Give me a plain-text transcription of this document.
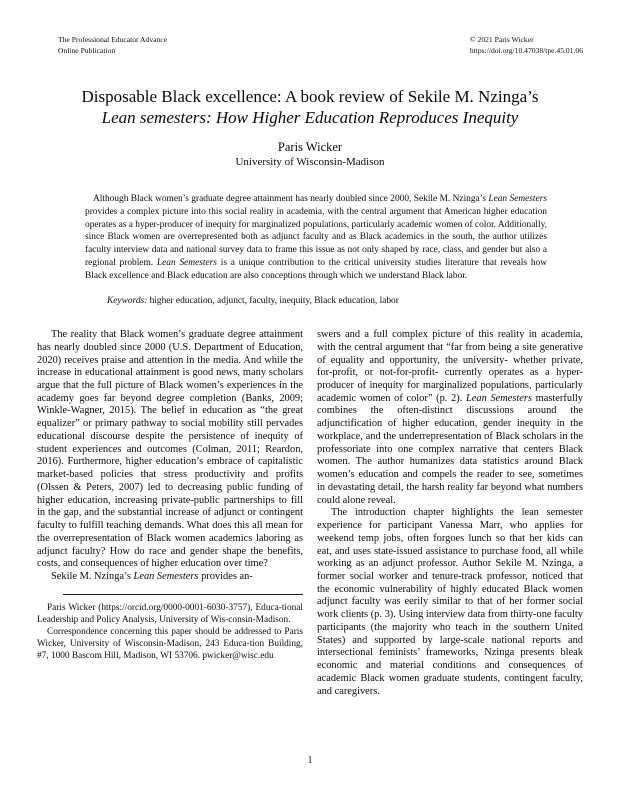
The Professional Educator Advance
Online Publication
© 2021 Paris Wicker
https://doi.org/10.47038/tpe.45.01.06
Disposable Black excellence: A book review of Sekile M. Nzinga’s
Lean semesters: How Higher Education Reproduces Inequity
Paris Wicker
University of Wisconsin-Madison

Although Black women’s graduate degree attainment has nearly doubled since 2000, Sekile M. Nzinga’s Lean Semesters provides a complex picture into this social reality in academia, with the central argument that American higher education operates as a hyper-producer of inequity for marginalized populations, particularly academic women of color. Additionally, since Black women are overrepresented both as adjunct faculty and as Black academics in the south, the author utilizes faculty interview data and national survey data to frame this issue as not only shaped by race, class, and gender but also a regional problem. Lean Semesters is a unique contribution to the critical university studies literature that reveals how Black excellence and Black education are also conceptions through which we understand Black labor.

Keywords: higher education, adjunct, faculty, inequity, Black education, labor

The reality that Black women’s graduate degree attainment has nearly doubled since 2000 (U.S. Department of Education, 2020) receives praise and attention in the media. And while the increase in educational attainment is good news, many scholars argue that the full picture of Black women’s experiences in the academy goes far beyond degree completion (Banks, 2009; Winkle-Wagner, 2015). The belief in education as “the great equalizer” or primary pathway to social mobility still pervades educational discourse despite the persistence of inequity of student experiences and outcomes (Colman, 2011; Reardon, 2016). Furthermore, higher education’s embrace of capitalistic market-based policies that stress productivity and profits (Olssen & Peters, 2007) led to decreasing public funding of higher education, increasing private-public partnerships to fill in the gap, and the substantial increase of adjunct or contingent faculty to fulfill teaching demands. What does this all mean for the overrepresentation of Black women academics laboring as adjunct faculty? How do race and gender shape the benefits, costs, and consequences of higher education over time?

Sekile M. Nzinga’s Lean Semesters provides an-

Paris Wicker (https://orcid.org/0000-0001-6030-3757), Educa-tional Leadership and Policy Analysis, University of Wis-consin-Madison.

Correspondence concerning this paper should be addressed to Paris Wicker, University of Wisconsin-Madison, 243 Educa-tion Building, #7, 1000 Bascom Hill, Madison, WI 53706. pwicker@wisc.edu

swers and a full complex picture of this reality in academia, with the central argument that “far from being a site generative of equality and opportunity, the university- whether private, for-profit, or not-for-profit- currently operates as a hyper-producer of inequity for marginalized populations, particularly academic women of color” (p. 2). Lean Semesters masterfully combines the often-distinct discussions around the adjunctification of higher education, gender inequity in the workplace, and the underrepresentation of Black scholars in the professoriate into one complex narrative that centers Black women. The author humanizes data statistics around Black women’s education and compels the reader to see, sometimes in devastating detail, the harsh reality far beyond what numbers could alone reveal.

The introduction chapter highlights the lean semester experience for participant Vanessa Marr, who applies for weekend temp jobs, often forgoes lunch so that her kids can eat, and uses state-issued assistance to purchase food, all while working as an adjunct professor. Author Sekile M. Nzinga, a former social worker and tenure-track professor, noticed that the economic vulnerability of highly educated Black women adjunct faculty was eerily similar to that of her former social work clients (p. 3). Using interview data from thirty-one faculty participants (the majority who teach in the southern United States) and supported by large-scale national reports and intersectional feminists’ frameworks, Nzinga presents bleak economic and material conditions and consequences of academic Black women graduate students, contingent faculty, and caregivers.

1
